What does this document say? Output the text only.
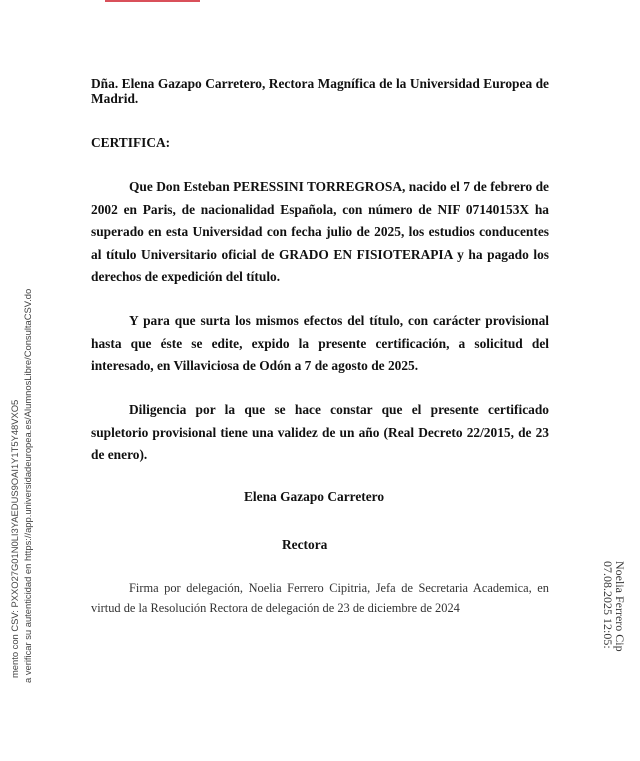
Dña. Elena Gazapo Carretero, Rectora Magnífica de la Universidad Europea de Madrid.
CERTIFICA:
Que Don Esteban PERESSINI TORREGROSA, nacido el 7 de febrero de 2002 en Paris, de nacionalidad Española, con número de NIF 07140153X ha superado en esta Universidad con fecha julio de 2025, los estudios conducentes al título Universitario oficial de GRADO EN FISIOTERAPIA y ha pagado los derechos de expedición del título.
Y para que surta los mismos efectos del título, con carácter provisional hasta que éste se edite, expido la presente certificación, a solicitud del interesado, en Villaviciosa de Odón a 7 de agosto de 2025.
Diligencia por la que se hace constar que el presente certificado supletorio provisional tiene una validez de un año (Real Decreto 22/2015, de 23 de enero).
Elena Gazapo Carretero
Rectora
Firma por delegación, Noelia Ferrero Cipitria, Jefa de Secretaria Academica, en virtud de la Resolución Rectora de delegación de 23 de diciembre de 2024
mento con CSV: PXXO27G01N0LI3YAEDUS9OAI1Y1T5Y48VXO5 a verificar su autenticidad en https://app.universidadeuropea.es/AlumnosLibre/ConsultaCSV.do	Noelia Ferrero Cip
07.08.2025 12:05:
